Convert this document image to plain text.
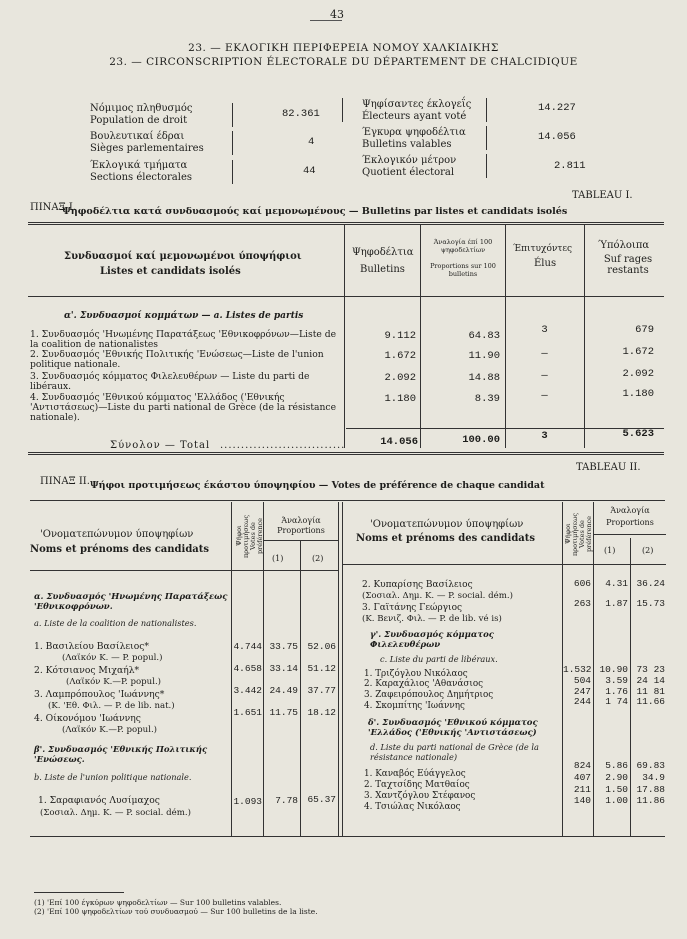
43
23. — ΕΚΛΟΓΙΚΗ ΠΕΡΙΦΕΡΕΙΑ ΝΟΜΟΥ ΧΑΛΚΙΔΙΚΗΣ
23. — CIRCONSCRIPTION ÉLECTORALE DU DÉPARTEMENT DE CHALCIDIQUE
Νόμιμος πληθυσμός
Population de droit
82.361
Βουλευτικαί έδραι
Sièges parlementaires
4
Έκλογικά τμήματα
Sections électorales
44
Ψηφίσαντες έκλογεΐς
Électeurs ayant voté
14.227
Έγκυρα ψηφοδέλτια
Bulletins valables
14.056
Έκλογικόν μέτρον
Quotient électoral
2.811
ΠΙΝΑΞ Ι.
TABLEAU I.
Ψηφοδέλτια κατά συνδυασμούς καί μεμονωμένους — Bulletins par listes et candidats isolés
Συνδυασμοί καί μεμονωμένοι ύποψήφιοι
Listes et candidats isolés
Ψηφοδέλτια
Bulletins
Άναλογία έπί 100 ψηφοδελτίων
Proportions sur 100 bulletins
Έπιτυχόντες
Élus
Ύπόλοιπα
Suf rages restants
α'. Συνδυασμοί κομμάτων — a. Listes de partis
1. Συνδυασμός 'Ηνωμένης Παρατάξεως 'Εθνικοφρόνων—Liste de la coalition de nationalistes
9.112	64.83	3	679
2. Συνδυασμός 'Εθνικής Πολιτικής 'Ενώσεως—Liste de l'union politique nationale.
1.672	11.90	—	1.672
3. Συνδυασμός κόμματος Φιλελευθέρων — Liste du parti de libéraux.
2.092	14.88	—	2.092
4. Συνδυασμός 'Εθνικού κόμματος 'Ελλάδος ('Εθνικής 'Αντιστάσεως)—Liste du parti national de Grèce (de la résistance nationale).
1.180	8.39	—	1.180
Σύνολον — Total ..............................	14.056	100.00	3	5.623
ΠΙΝΑΞ ΙΙ.
TABLEAU II.
Ψήφοι προτιμήσεως έκάστου ύποψηφίου — Votes de préférence de chaque candidat
'Ονοματεπώνυμον ύποψηφίων
Noms et prénoms des candidats
Ψήφοι προτιμήσεως Votes de préférence	Άναλογία
Proportions
(1)	(2)
'Ονοματεπώνυμον ύποψηφίων
Noms et prénoms des candidats	Ψήφοι προτιμήσεως Votes de préférence
Άναλογία
Proportions
(1)	(2)
α. Συνδυασμός 'Ηνωμένης Παρατάξεως 'Εθνικοφρόνων.
a. Liste de la coalition de nationalistes.
1. Βασιλείου Βασίλειος*
(Λαϊκόν Κ. — P. popul.)
4.744 33.75 52.06
2. Κότσιανος Μιχαήλ*
(Λαϊκόν Κ.—P. popul.)
4.658 33.14 51.12
3. Λαμπρόπουλος 'Ιωάννης*
(Κ. 'Εθ. Φιλ. — P. de lib. nat.)
3.442 24.49 37.77
4. Οίκονόμου 'Ιωάννης
(Λαϊκόν Κ.—P. popul.)
1.651 11.75 18.12
β'. Συνδυασμός 'Εθνικής Πολιτικής 'Ενώσεως.
b. Liste de l'union politique nationale.
1. Σαραφιανός Λυσίμαχος
(Σοσιαλ. Δημ. Κ. — P. social. dém.)
1.093	7.78 65.37
2. Κυπαρίσης Βασίλειος
(Σοσιαλ. Δημ. Κ. — P. social. dém.)
606	4.31 36.24
3. Γαϊτάνης Γεώργιος
(Κ. Βενιζ. Φιλ. — P. de lib. vé is)
263	1.87 15.73
γ'. Συνδυασμός κόμματος Φιλελευθέρων
c. Liste du parti de libéraux.
1. Τριζόγλου Νικόλαος	1.532 10.90 73 23
2. Καραχάλιος 'Αθανάσιος	504	3.59 24 14
3. Ζαφειρόπουλος Δημήτριος	247	1.76 11 81
4. Σκομπίτης 'Ιωάννης	244	1 74 11.66
δ'. Συνδυασμός 'Εθνικού κόμματος 'Ελλάδος ('Εθνικής 'Αντιστάσεως)
d. Liste du parti national de Grèce (de la résistance nationale)
1. Καναβός Εύάγγελος
824	5.86 69.83
2. Ταχτσίδης Ματθαίος
407	2.90	34.9
3. Χαντζόγλου Στέφανος
211	1.50 17.88
4. Τσιώλας Νικόλαος
140	1.00 11.86
(1) 'Επί 100 έγκύρων ψηφοδελτίων — Sur 100 bulletins valables.
(2) 'Επί 100 ψηφοδελτίων τού συνδυασμού — Sur 100 bulletins de la liste.
